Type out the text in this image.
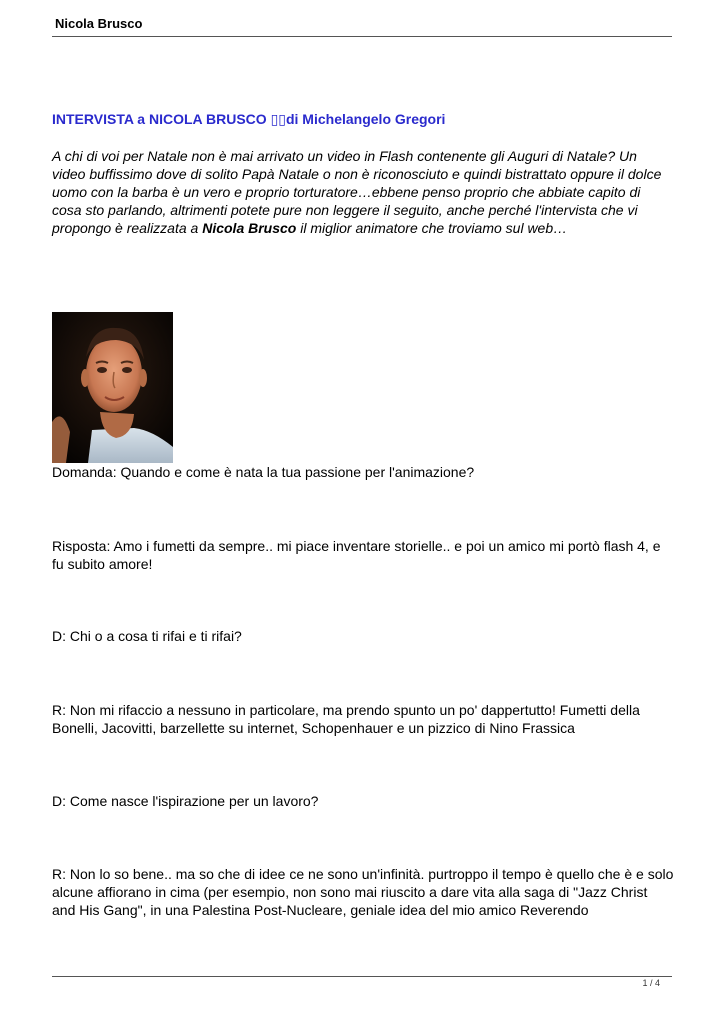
Nicola Brusco
INTERVISTA a NICOLA BRUSCO ▯▯di Michelangelo Gregori
A chi di voi per Natale non è mai arrivato un video in Flash contenente gli Auguri di Natale? Un video buffissimo dove di solito Papà Natale o non è riconosciuto e quindi bistrattato oppure il dolce uomo con la barba è un vero e proprio torturatore…ebbene penso proprio che abbiate capito di cosa sto parlando, altrimenti potete pure non leggere il seguito, anche perché l'intervista che vi propongo è realizzata a Nicola Brusco il miglior animatore che troviamo sul web…
Domanda: Quando e come è nata la tua passione per l'animazione?
Risposta: Amo i fumetti da sempre.. mi piace inventare storielle.. e poi un amico mi portò flash 4, e fu subito amore!
D: Chi o a cosa ti rifai e ti rifai?
R: Non mi rifaccio a nessuno in particolare, ma prendo spunto un po' dappertutto! Fumetti della Bonelli, Jacovitti, barzellette su internet, Schopenhauer e un pizzico di Nino Frassica
D: Come nasce l'ispirazione per un lavoro?
R: Non lo so bene.. ma so che di idee ce ne sono un'infinità. purtroppo il tempo è quello che è e solo alcune affiorano in cima (per esempio, non sono mai riuscito a dare vita alla saga di "Jazz Christ and His Gang", in una Palestina Post-Nucleare, geniale idea del mio amico Reverendo
1 / 4
